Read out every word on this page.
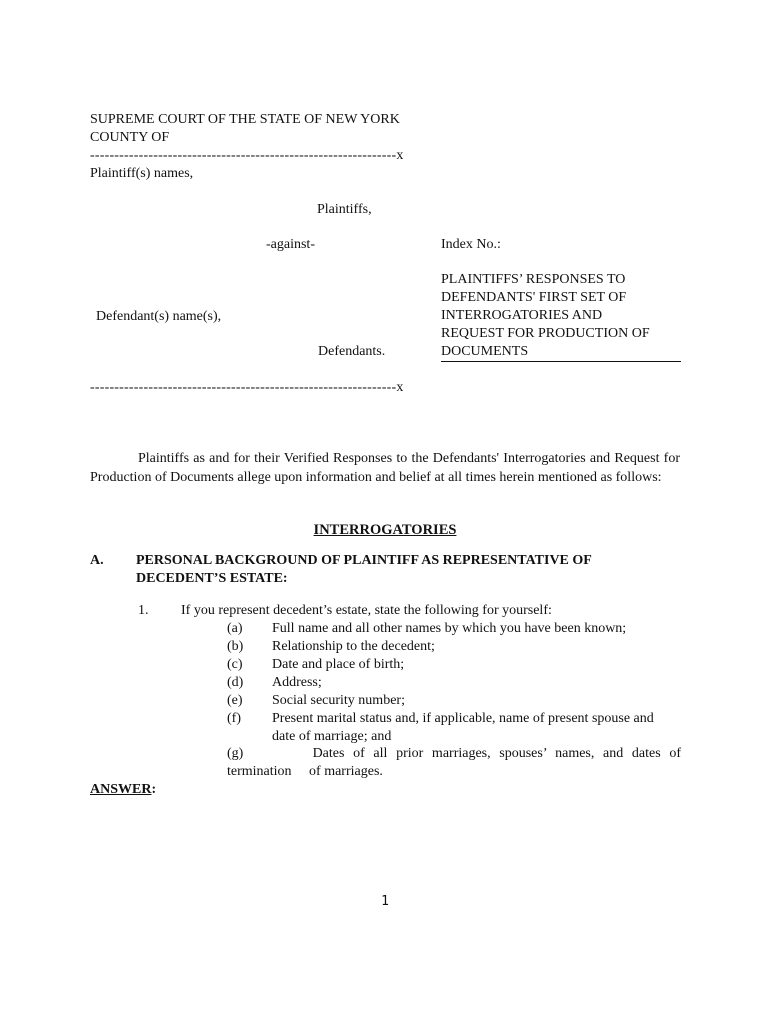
SUPREME COURT OF THE STATE OF NEW YORK
COUNTY OF
---------------------------------------------------------------x
Plaintiff(s) names,
Plaintiffs,
-against-	Index No.:
Defendant(s) name(s),
Defendants.
---------------------------------------------------------------x
PLAINTIFFS’ RESPONSES TO
DEFENDANTS' FIRST SET OF
INTERROGATORIES AND
REQUEST FOR PRODUCTION OF
DOCUMENTS
Plaintiffs as and for their Verified Responses to the Defendants' Interrogatories and Request for Production of Documents allege upon information and belief at all times herein mentioned as follows:
INTERROGATORIES
A. PERSONAL BACKGROUND OF PLAINTIFF AS REPRESENTATIVE OF
DECEDENT’S ESTATE:
1. If you represent decedent’s estate, state the following for yourself:
(a) Full name and all other names by which you have been known;
(b) Relationship to the decedent;
(c) Date and place of birth;
(d) Address;
(e) Social security number;
(f) Present marital status and, if applicable, name of present spouse and
date of marriage; and
(g)        Dates of all prior marriages, spouses’ names, and dates of
termination     of marriages.
ANSWER:
1
